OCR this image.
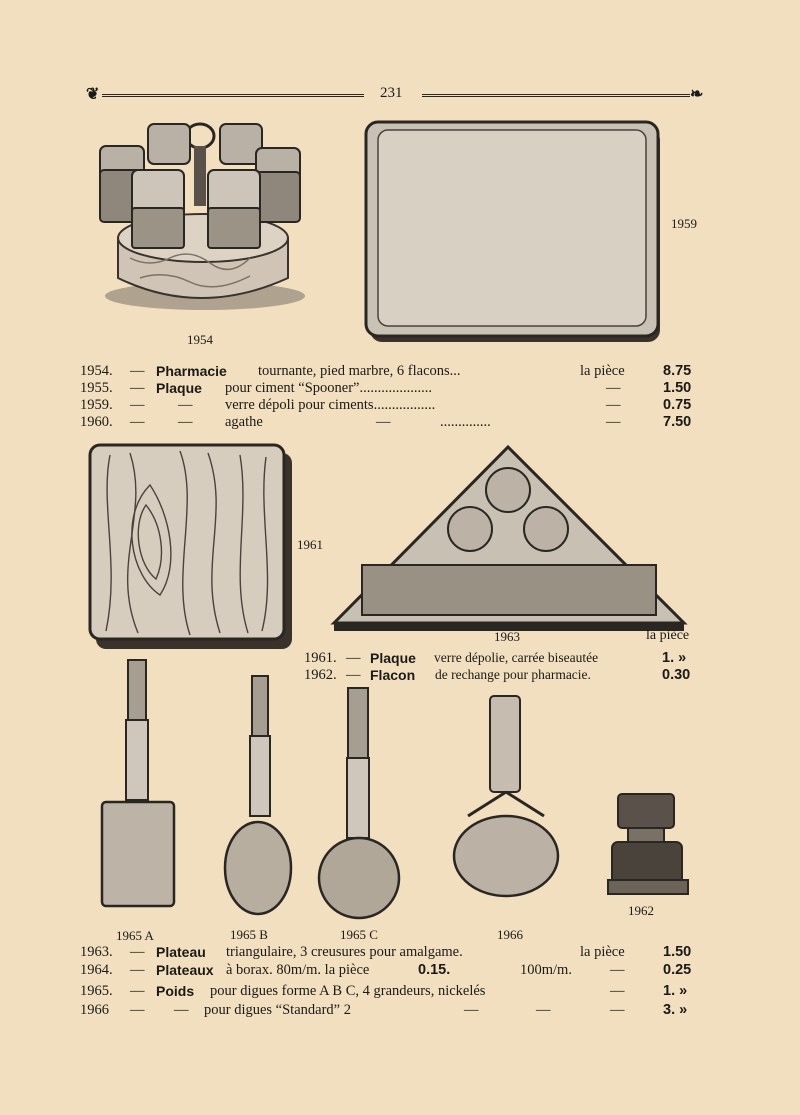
❦	231	❧
1954
1959
1954. — Pharmacie tournante, pied marbre, 6 flacons...	la pièce	8.75
1955. — Plaque pour ciment “Spooner”....................	—	1.50
1959. — — verre dépoli pour ciments.................	—	0.75
1960. — — agathe	—	..............	—	7.50
1961
1963	la pièce
1961. — Plaque verre dépolie, carrée biseautée	1. »
1962. — Flacon de rechange pour pharmacie.	0.30
1965 A	1965 B	1965 C	1966
1962
1963. — Plateau triangulaire, 3 creusures pour amalgame.	la pièce	1.50
1964. — Plateaux à borax. 80m/m. la pièce	0.15.	100m/m.	—	0.25
1965. — Poids pour digues forme A B C, 4 grandeurs, nickelés	—	1. »
1966 — — pour digues “Standard” 2	—	—	—	3. »
